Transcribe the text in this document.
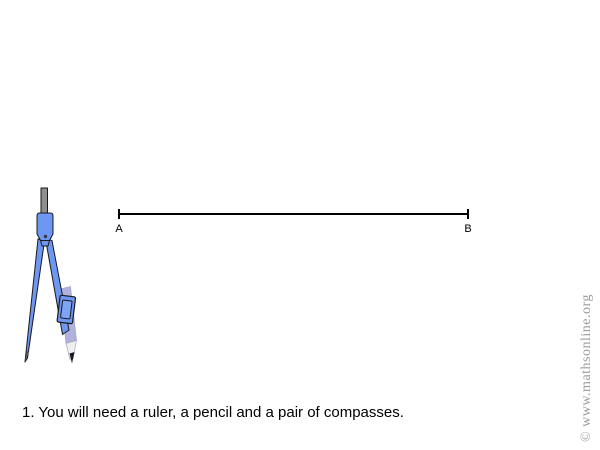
A	B
1. You will need a ruler, a pencil and a pair of compasses.	© www.mathsonline.org
